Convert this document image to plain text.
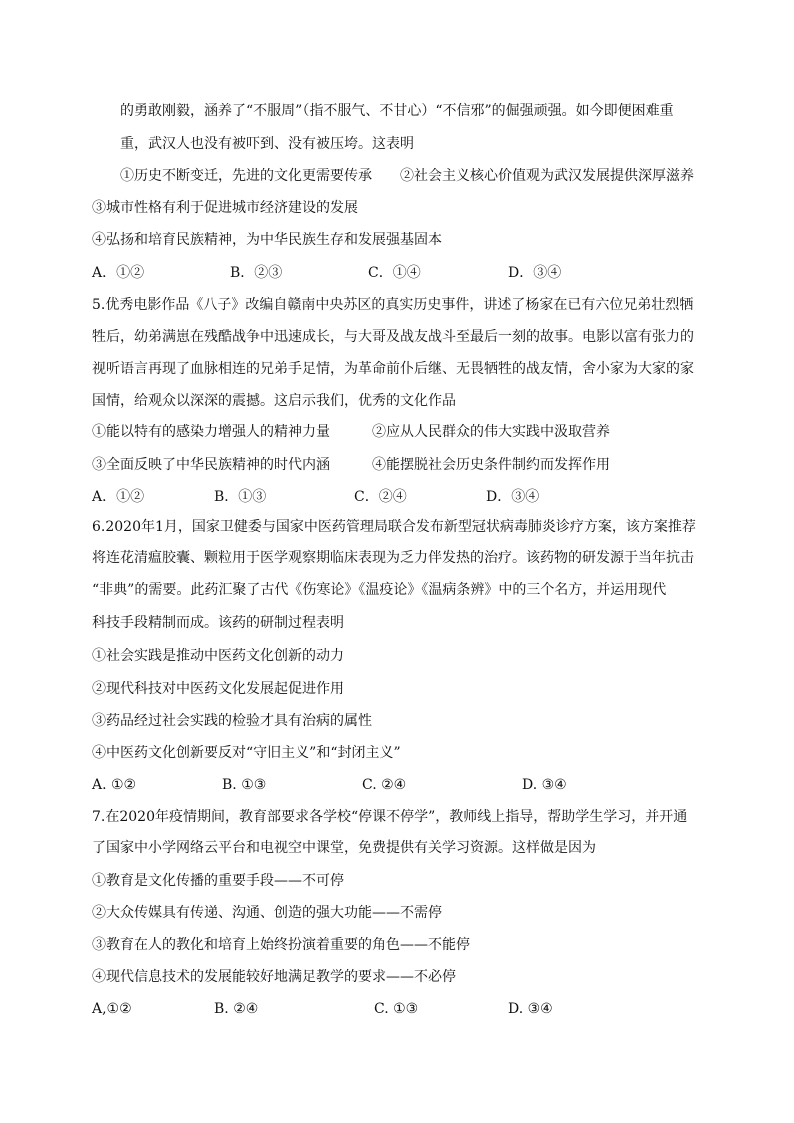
的勇敢刚毅，涵养了“不服周”（指不服气、不甘心）“不信邪”的倔强顽强。如今即便困难重
重，武汉人也没有被吓到、没有被压垮。这表明
①历史不断变迁，先进的文化更需要传承　　②社会主义核心价值观为武汉发展提供深厚滋养
③城市性格有利于促进城市经济建设的发展
④弘扬和培育民族精神，为中华民族生存和发展强基固本
A．①②	B．②③	C．①④	D．③④
5.优秀电影作品《八子》改编自赣南中央苏区的真实历史事件，讲述了杨家在已有六位兄弟壮烈牺
牲后，幼弟满崽在残酷战争中迅速成长，与大哥及战友战斗至最后一刻的故事。电影以富有张力的
视听语言再现了血脉相连的兄弟手足情，为革命前仆后继、无畏牺牲的战友情，舍小家为大家的家
国情，给观众以深深的震撼。这启示我们，优秀的文化作品
①能以特有的感染力增强人的精神力量　　　②应从人民群众的伟大实践中汲取营养
③全面反映了中华民族精神的时代内涵　　　④能摆脱社会历史条件制约而发挥作用
A．①②	B．①③	C．②④	D．③④
6.2020年1月，国家卫健委与国家中医药管理局联合发布新型冠状病毒肺炎诊疗方案，该方案推荐
将连花清瘟胶囊、颗粒用于医学观察期临床表现为乏力伴发热的治疗。该药物的研发源于当年抗击
“非典”的需要。此药汇聚了古代《伤寒论》《温疫论》《温病条辨》中的三个名方，并运用现代
科技手段精制而成。该药的研制过程表明
①社会实践是推动中医药文化创新的动力
②现代科技对中医药文化发展起促进作用
③药品经过社会实践的检验才具有治病的属性
④中医药文化创新要反对“守旧主义”和“封闭主义”
A. ①②	B. ①③	C. ②④	D. ③④
7.在2020年疫情期间，教育部要求各学校“停课不停学”，教师线上指导，帮助学生学习，并开通
了国家中小学网络云平台和电视空中课堂，免费提供有关学习资源。这样做是因为
①教育是文化传播的重要手段——不可停
②大众传媒具有传递、沟通、创造的强大功能——不需停
③教育在人的教化和培育上始终扮演着重要的角色——不能停
④现代信息技术的发展能较好地满足教学的要求——不必停
A,①②	B. ②④	C. ①③	D. ③④
